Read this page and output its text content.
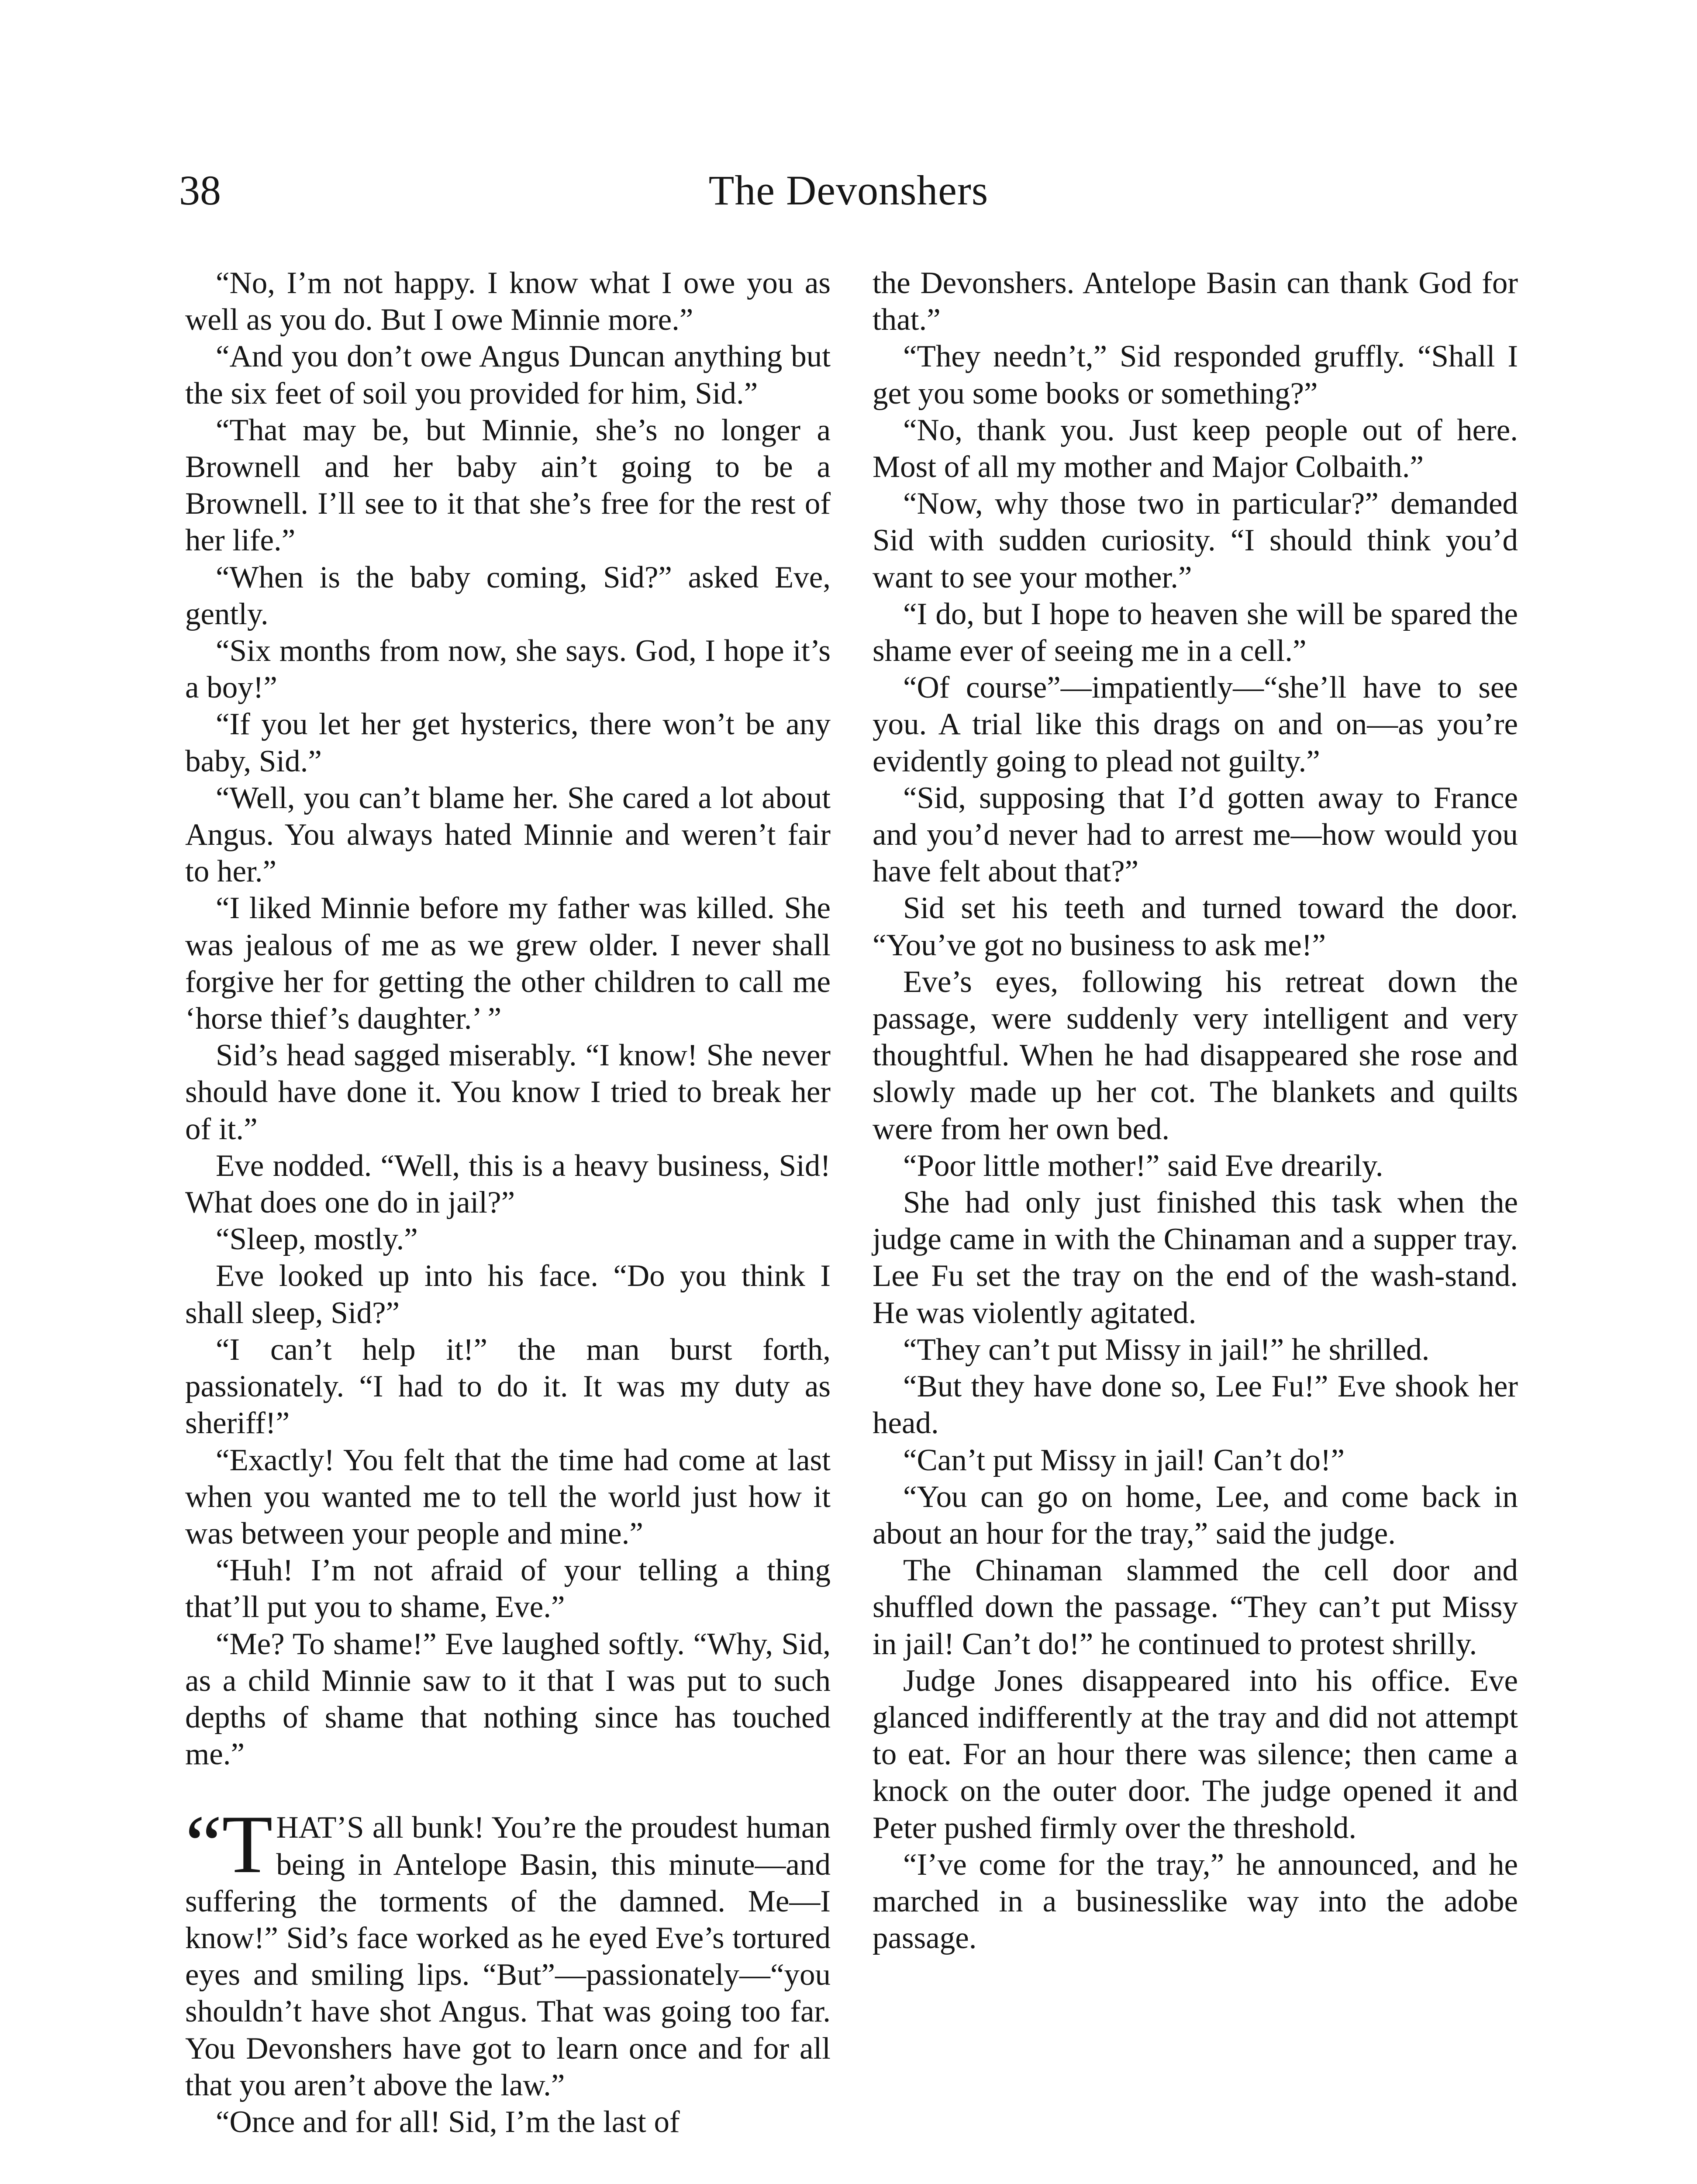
38	The Devonshers

“No, I’m not happy. I know what I owe you as well as you do. But I owe Minnie more.”

“And you don’t owe Angus Duncan anything but the six feet of soil you provided for him, Sid.”

“That may be, but Minnie, she’s no longer a Brownell and her baby ain’t going to be a Brownell. I’ll see to it that she’s free for the rest of her life.”

“When is the baby coming, Sid?” asked Eve, gently.

“Six months from now, she says. God, I hope it’s a boy!”

“If you let her get hysterics, there won’t be any baby, Sid.”

“Well, you can’t blame her. She cared a lot about Angus. You always hated Minnie and weren’t fair to her.”

“I liked Minnie before my father was killed. She was jealous of me as we grew older. I never shall forgive her for getting the other children to call me ‘horse thief’s daughter.’ ”

Sid’s head sagged miserably. “I know! She never should have done it. You know I tried to break her of it.”

Eve nodded. “Well, this is a heavy business, Sid! What does one do in jail?”

“Sleep, mostly.”

Eve looked up into his face. “Do you think I shall sleep, Sid?”

“I can’t help it!” the man burst forth, passionately. “I had to do it. It was my duty as sheriff!”

“Exactly! You felt that the time had come at last when you wanted me to tell the world just how it was between your people and mine.”

“Huh! I’m not afraid of your telling a thing that’ll put you to shame, Eve.”

“Me? To shame!” Eve laughed softly. “Why, Sid, as a child Minnie saw to it that I was put to such depths of shame that nothing since has touched me.”

“THAT’S all bunk! You’re the proudest human being in Antelope Basin, this minute—and suffering the torments of the damned. Me—I know!” Sid’s face worked as he eyed Eve’s tortured eyes and smiling lips. “But”—passionately—“you shouldn’t have shot Angus. That was going too far. You Devonshers have got to learn once and for all that you aren’t above the law.”

“Once and for all! Sid, I’m the last of

the Devonshers. Antelope Basin can thank God for that.”

“They needn’t,” Sid responded gruffly. “Shall I get you some books or something?”

“No, thank you. Just keep people out of here. Most of all my mother and Major Colbaith.”

“Now, why those two in particular?” demanded Sid with sudden curiosity. “I should think you’d want to see your mother.”

“I do, but I hope to heaven she will be spared the shame ever of seeing me in a cell.”

“Of course”—impatiently—“she’ll have to see you. A trial like this drags on and on—as you’re evidently going to plead not guilty.”

“Sid, supposing that I’d gotten away to France and you’d never had to arrest me—how would you have felt about that?”

Sid set his teeth and turned toward the door. “You’ve got no business to ask me!”

Eve’s eyes, following his retreat down the passage, were suddenly very intelligent and very thoughtful. When he had disappeared she rose and slowly made up her cot. The blankets and quilts were from her own bed.

“Poor little mother!” said Eve drearily.

She had only just finished this task when the judge came in with the Chinaman and a supper tray. Lee Fu set the tray on the end of the wash-stand. He was violently agitated.

“They can’t put Missy in jail!” he shrilled.

“But they have done so, Lee Fu!” Eve shook her head.

“Can’t put Missy in jail! Can’t do!”

“You can go on home, Lee, and come back in about an hour for the tray,” said the judge.

The Chinaman slammed the cell door and shuffled down the passage. “They can’t put Missy in jail! Can’t do!” he continued to protest shrilly.

Judge Jones disappeared into his office. Eve glanced indifferently at the tray and did not attempt to eat. For an hour there was silence; then came a knock on the outer door. The judge opened it and Peter pushed firmly over the threshold.

“I’ve come for the tray,” he announced, and he marched in a businesslike way into the adobe passage.
